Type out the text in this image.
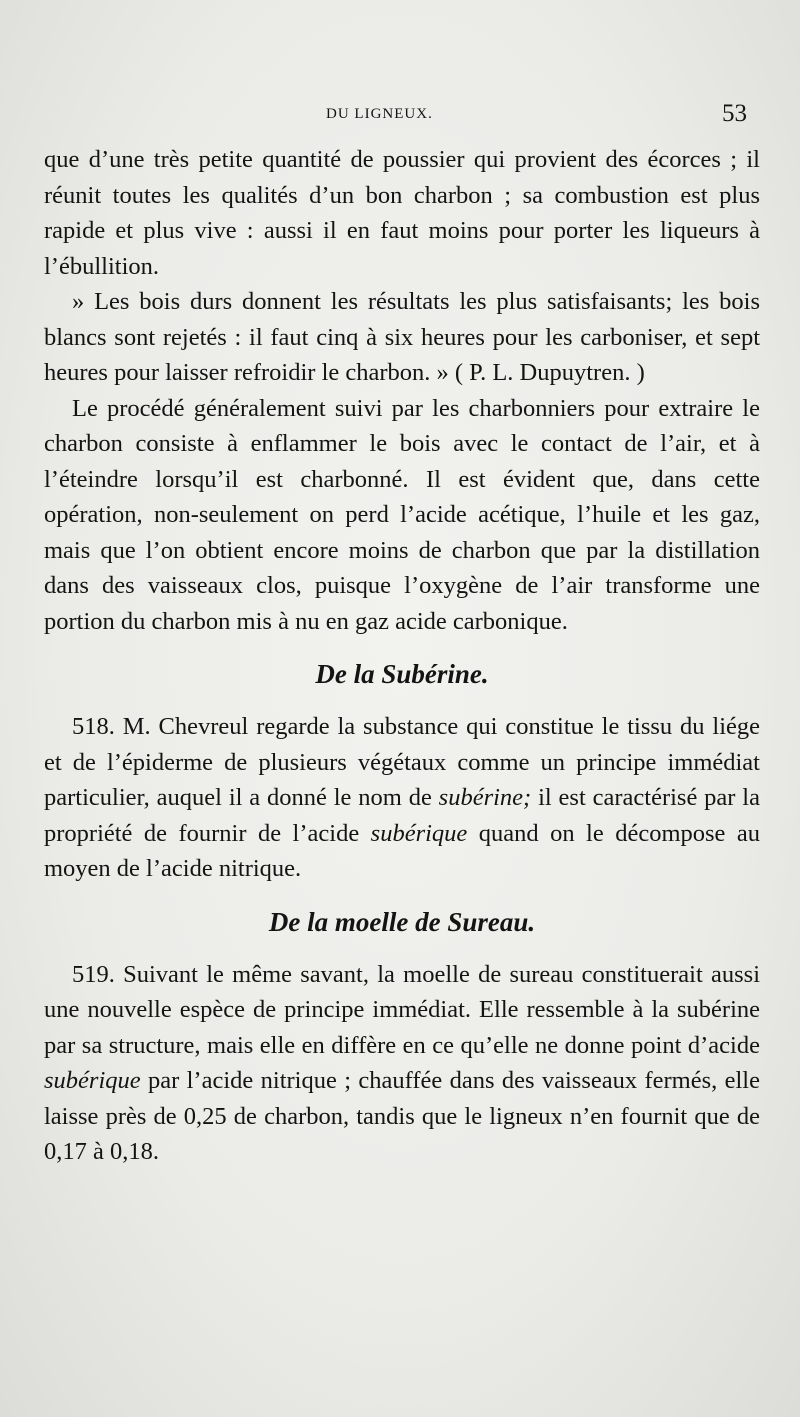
DU LIGNEUX.	53

que d’une très petite quantité de poussier qui provient des écorces ; il réunit toutes les qualités d’un bon charbon ; sa combustion est plus rapide et plus vive : aussi il en faut moins pour porter les liqueurs à l’ébullition.

» Les bois durs donnent les résultats les plus satisfaisants; les bois blancs sont rejetés : il faut cinq à six heures pour les carboniser, et sept heures pour laisser refroidir le charbon. » ( P. L. Dupuytren. )

Le procédé généralement suivi par les charbonniers pour extraire le charbon consiste à enflammer le bois avec le contact de l’air, et à l’éteindre lorsqu’il est charbonné. Il est évident que, dans cette opération, non-seulement on perd l’acide acétique, l’huile et les gaz, mais que l’on obtient encore moins de charbon que par la distillation dans des vaisseaux clos, puisque l’oxygène de l’air transforme une portion du charbon mis à nu en gaz acide carbonique.

De la Subérine.

518. M. Chevreul regarde la substance qui constitue le tissu du liége et de l’épiderme de plusieurs végétaux comme un principe immédiat particulier, auquel il a donné le nom de subérine; il est caractérisé par la propriété de fournir de l’acide subérique quand on le décompose au moyen de l’acide nitrique.

De la moelle de Sureau.

519. Suivant le même savant, la moelle de sureau constituerait aussi une nouvelle espèce de principe immédiat. Elle ressemble à la subérine par sa structure, mais elle en diffère en ce qu’elle ne donne point d’acide subérique par l’acide nitrique ; chauffée dans des vaisseaux fermés, elle laisse près de 0,25 de charbon, tandis que le ligneux n’en fournit que de 0,17 à 0,18.
